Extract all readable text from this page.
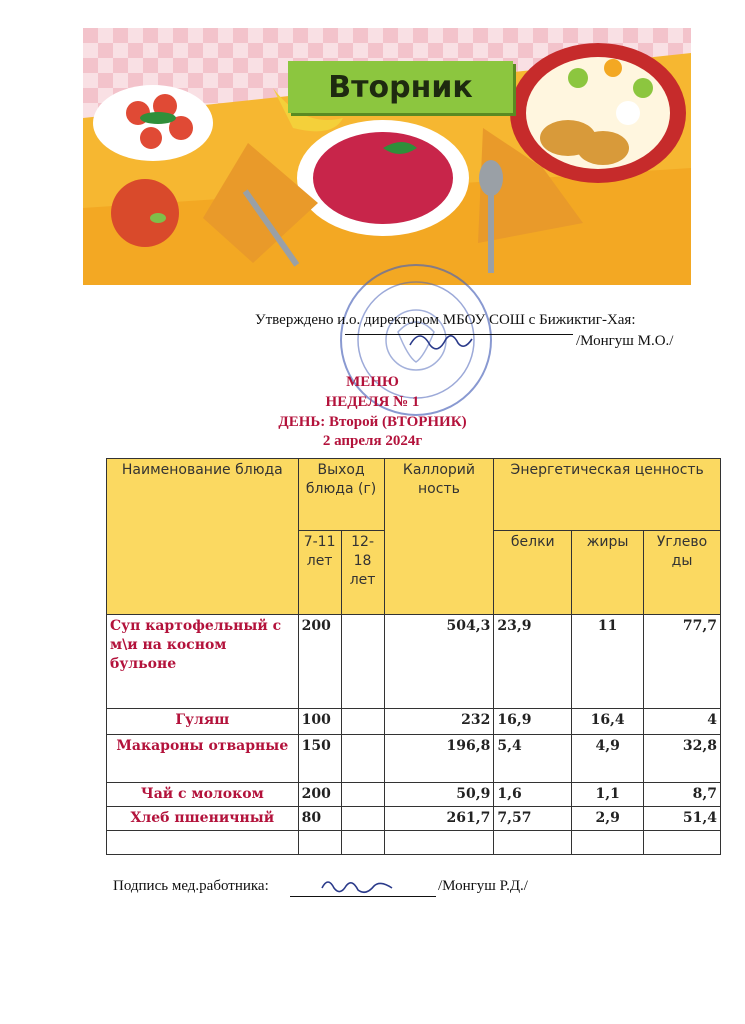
Вторник
Утверждено и.о. директором МБОУ СОШ с Бижиктиг-Хая:
/Монгуш М.О./
МЕНЮ
НЕДЕЛЯ № 1
ДЕНЬ: Второй (ВТОРНИК)
2 апреля 2024г
Наименование блюда	Выход блюда (г)		Каллорий ность	Энергетическая ценность		
	7-11 лет	12-18 лет		белки	жиры	Углево ды
Суп картофельный с м\и на косном бульоне	200		504,3	23,9	11	77,7
Гуляш	100		232	16,9	16,4	4
Макароны отварные	150		196,8	5,4	4,9	32,8
Чай с молоком	200		50,9	1,6	1,1	8,7
Хлеб пшеничный	80		261,7	7,57	2,9	51,4

Подпись мед.работника:	/Монгуш Р.Д./
